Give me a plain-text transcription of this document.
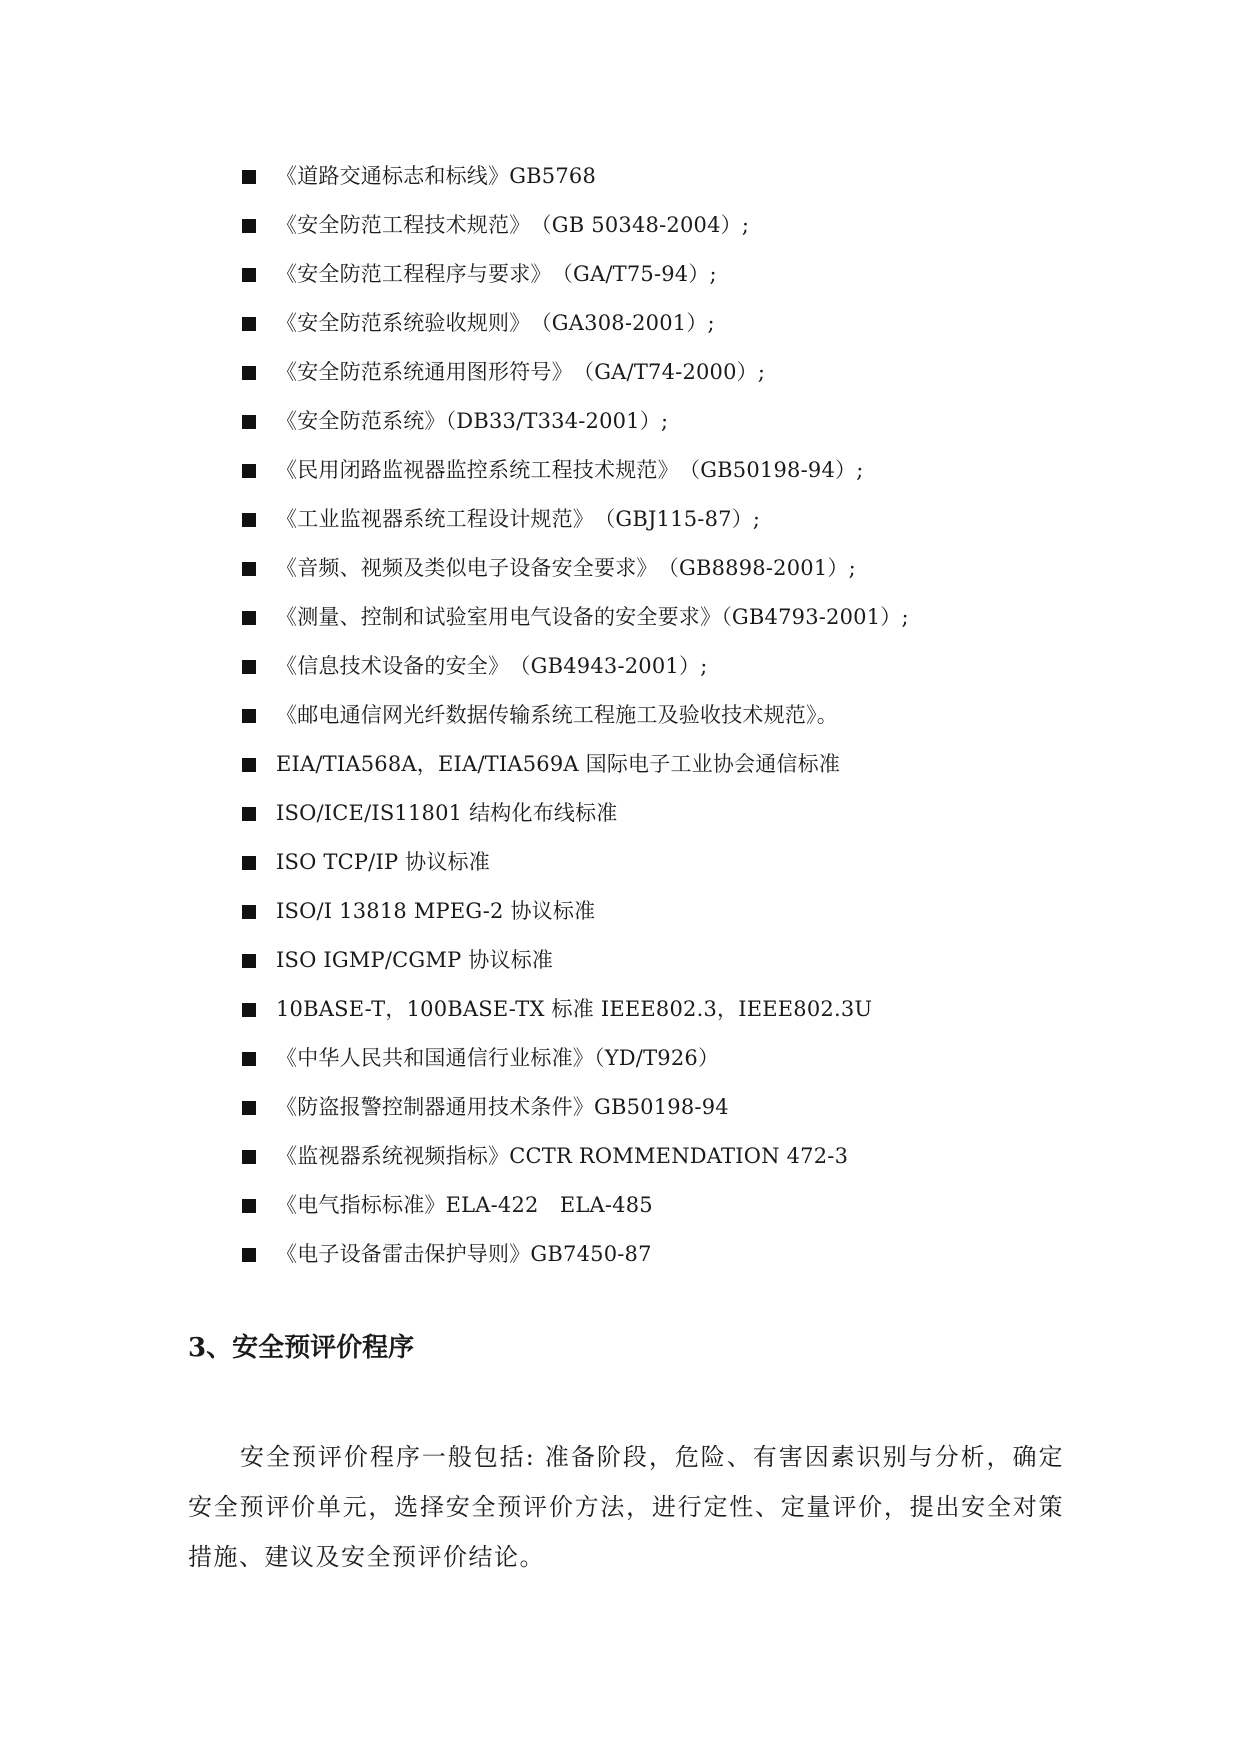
《道路交通标志和标线》GB5768
《安全防范工程技术规范》　（GB 50348-2004）;
《安全防范工程程序与要求》　（GA/T75-94）;
《安全防范系统验收规则》　（GA308-2001）;
《安全防范系统通用图形符号》　（GA/T74-2000）;
《安全防范系统》（DB33/T334-2001）;
《民用闭路监视器监控系统工程技术规范》　（GB50198-94）;
《工业监视器系统工程设计规范》　（GBJ115-87）;
《音频、视频及类似电子设备安全要求》　（GB8898-2001）;
《测量、控制和试验室用电气设备的安全要求》（GB4793-2001）;
《信息技术设备的安全》　（GB4943-2001）;
《邮电通信网光纤数据传输系统工程施工及验收技术规范》。
EIA/TIA568A，EIA/TIA569A 国际电子工业协会通信标准
ISO/ICE/IS11801 结构化布线标准
ISO TCP/IP 协议标准
ISO/I 13818 MPEG-2 协议标准
ISO IGMP/CGMP 协议标准
10BASE-T，100BASE-TX 标准 IEEE802.3，IEEE802.3U
《中华人民共和国通信行业标准》（YD/T926）
《防盗报警控制器通用技术条件》GB50198-94
《监视器系统视频指标》CCTR ROMMENDATION 472-3
《电气指标标准》ELA-422　ELA-485
《电子设备雷击保护导则》GB7450-87
3、安全预评价程序

安全预评价程序一般包括: 准备阶段，危险、有害因素识别与分析，确定安全预评价单元，选择安全预评价方法，进行定性、定量评价，提出安全对策措施、建议及安全预评价结论。
